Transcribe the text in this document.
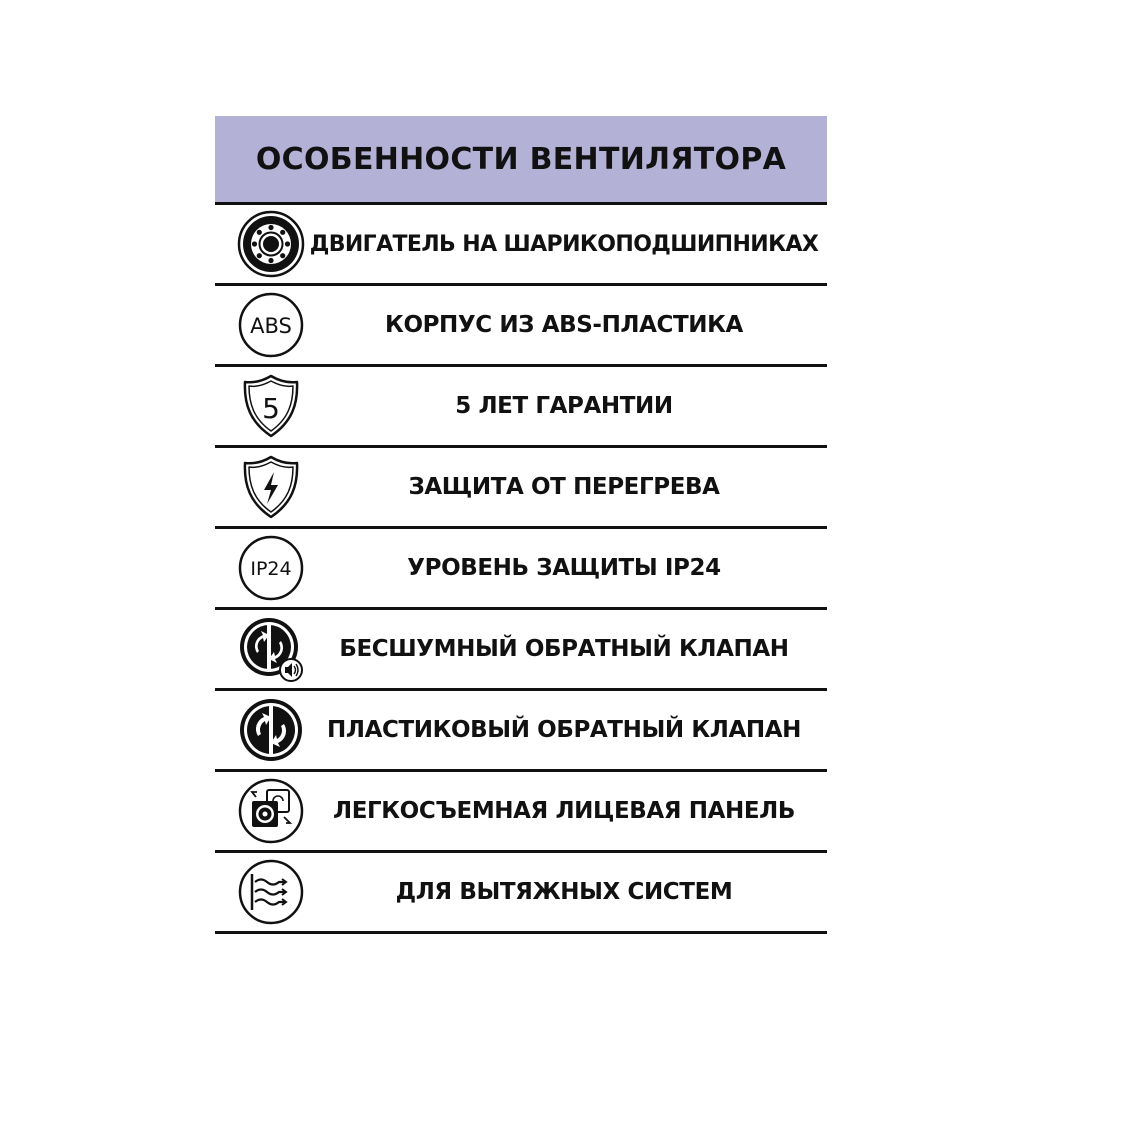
ОСОБЕННОСТИ ВЕНТИЛЯТОРА
ДВИГАТЕЛЬ НА ШАРИКОПОДШИПНИКАХ
ABS	КОРПУС ИЗ ABS-ПЛАСТИКА
5	5 ЛЕТ ГАРАНТИИ
ЗАЩИТА ОТ ПЕРЕГРЕВА
IP24	УРОВЕНЬ ЗАЩИТЫ IP24
БЕСШУМНЫЙ ОБРАТНЫЙ КЛАПАН
ПЛАСТИКОВЫЙ ОБРАТНЫЙ КЛАПАН
ЛЕГКОСЪЕМНАЯ ЛИЦЕВАЯ ПАНЕЛЬ
ДЛЯ ВЫТЯЖНЫХ СИСТЕМ
